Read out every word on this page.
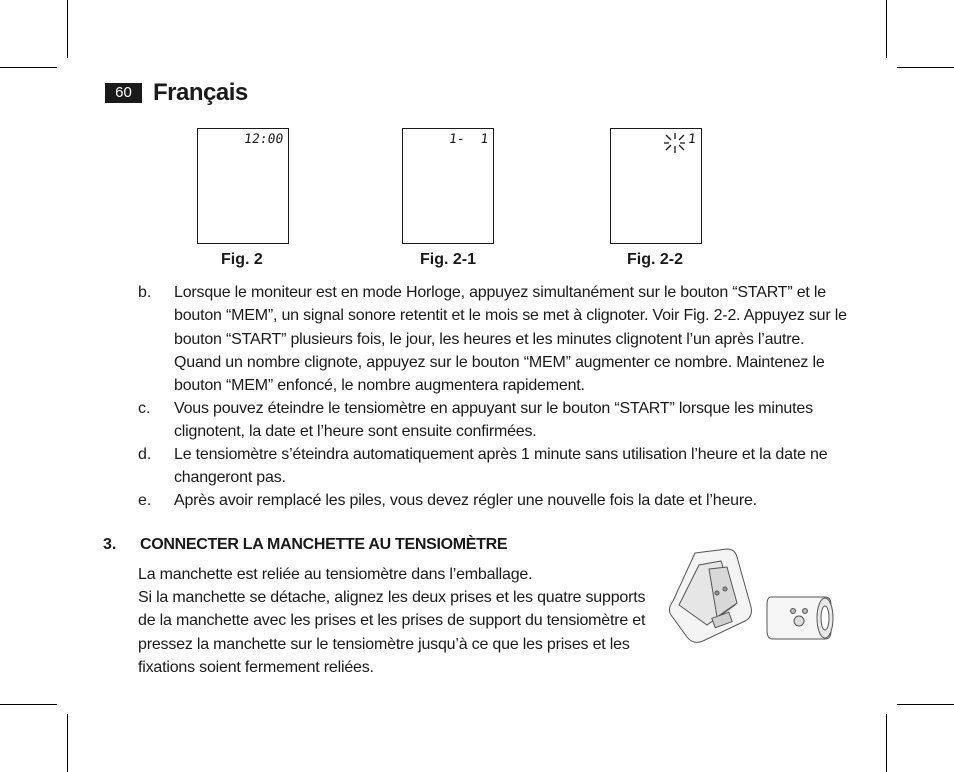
60 Français
12:00
Fig. 2
1-  1
Fig. 2-1
1
Fig. 2-2
b.	Lorsque le moniteur est en mode Horloge, appuyez simultanément sur le bouton “START” et le bouton “MEM”, un signal sonore retentit et le mois se met à clignoter. Voir Fig. 2-2. Appuyez sur le bouton “START” plusieurs fois, le jour, les heures et les minutes clignotent l’un après l’autre. Quand un nombre clignote, appuyez sur le bouton “MEM” augmenter ce nombre. Maintenez le bouton “MEM” enfoncé, le nombre augmentera rapidement.
c.	Vous pouvez éteindre le tensiomètre en appuyant sur le bouton “START” lorsque les minutes clignotent, la date et l’heure sont ensuite confirmées.
d.	Le tensiomètre s’éteindra automatiquement après 1 minute sans utilisation l’heure et la date ne changeront pas.
e.	Après avoir remplacé les piles, vous devez régler une nouvelle fois la date et l’heure.
3. CONNECTER LA MANCHETTE AU TENSIOMÈTRE
La manchette est reliée au tensiomètre dans l’emballage.
Si la manchette se détache, alignez les deux prises et les quatre supports de la manchette avec les prises et les prises de support du tensiomètre et pressez la manchette sur le tensiomètre jusqu’à ce que les prises et les fixations soient fermement reliées.
